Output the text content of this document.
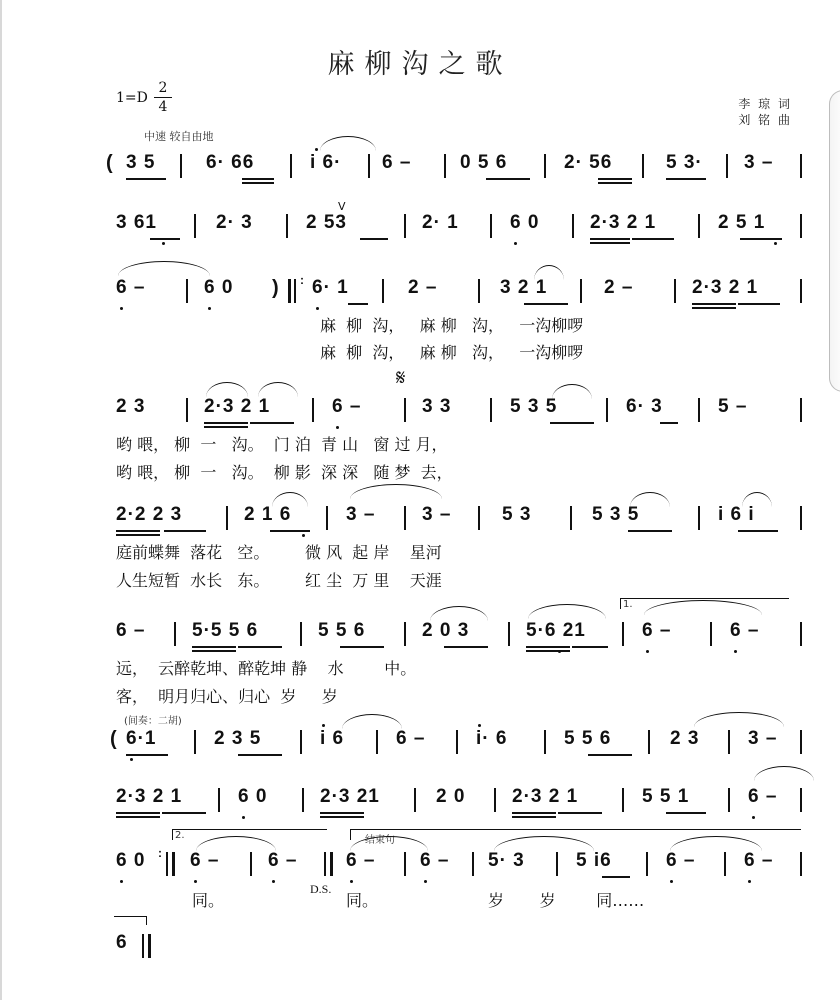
麻柳沟之歌
1=D
2
4
中速 较自由地
李 琼 词
刘 铭 曲
( 3 5	6· 66	i 6· 6 –	0 5 6	2· 56	5 3· 3 –
3 61	2· 3	2 53	2· 1	6 0	2·3 2 1	2 5 1
V
6 –	6 0 ) : 6· 1	2 –	3 2 1	2 –	2·3 2 1
麻  柳  沟，   麻 柳   沟，   一沟柳啰
麻  柳  沟，   麻 柳   沟，   一沟柳啰
𝄋
2 3	2·3 2 1	6 –	3 3	5 3 5	6· 3	5 –
哟 喂， 柳  一   沟。  门 泊  青 山   窗 过 月，
哟 喂， 柳  一   沟。  柳 影  深 深   随 梦  去，
2·2 2 3	2 1 6	3 – 3 –	5 3	5 3 5	i 6 i
庭前蝶舞  落花   空。       微 风  起 岸    星河
人生短暂  水长   东。       红 尘  万 里    天涯
1.
6 – 5·5 5 6	5 5 6	2 0 3	5·6 21	6 –	6 –
远，  云醉乾坤、醉乾坤 静    水        中。
客，  明月归心、归心  岁     岁
(间奏：二胡)
( 6·1	2 3 5	i 6	6 –	i· 6	5 5 6	2 3	3 –
2·3 2 1	6 0	2·3 21	2 0 2·3 2 1	5 5 1	6 –
2.	结束句
6 0 : 6 –	6 –	6 – 6 – 5· 3	5 i6	6 –	6 –
D.S.
同。	同。	岁       岁        同……
6
